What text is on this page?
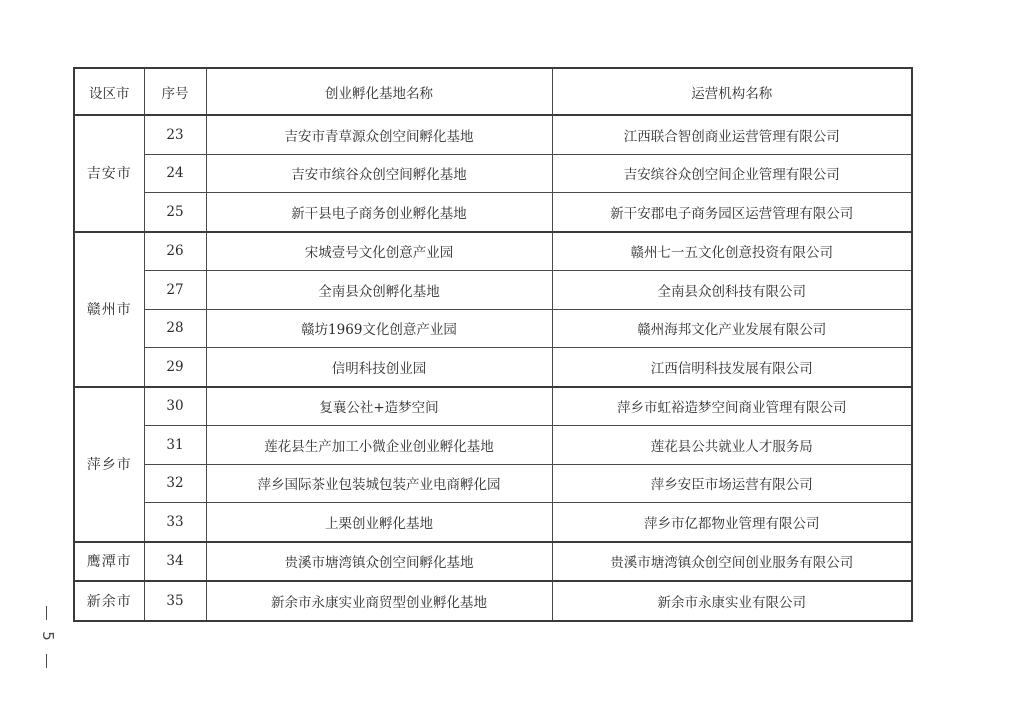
设区市	序号	创业孵化基地名称	运营机构名称
吉安市	23	吉安市青草源众创空间孵化基地	江西联合智创商业运营管理有限公司
	24	吉安市缤谷众创空间孵化基地	吉安缤谷众创空间企业管理有限公司
	25	新干县电子商务创业孵化基地	新干安郡电子商务园区运营管理有限公司
赣州市	26	宋城壹号文化创意产业园	赣州七一五文化创意投资有限公司
	27	全南县众创孵化基地	全南县众创科技有限公司
	28	赣坊1969文化创意产业园	赣州海邦文化产业发展有限公司
	29	信明科技创业园	江西信明科技发展有限公司
萍乡市	30	复襄公社+造梦空间	萍乡市虹裕造梦空间商业管理有限公司
	31	莲花县生产加工小微企业创业孵化基地	莲花县公共就业人才服务局
	32	萍乡国际茶业包装城包装产业电商孵化园	萍乡安臣市场运营有限公司
	33	上栗创业孵化基地	萍乡市亿都物业管理有限公司
鹰潭市	34	贵溪市塘湾镇众创空间孵化基地	贵溪市塘湾镇众创空间创业服务有限公司
新余市	35	新余市永康实业商贸型创业孵化基地	新余市永康实业有限公司
5
